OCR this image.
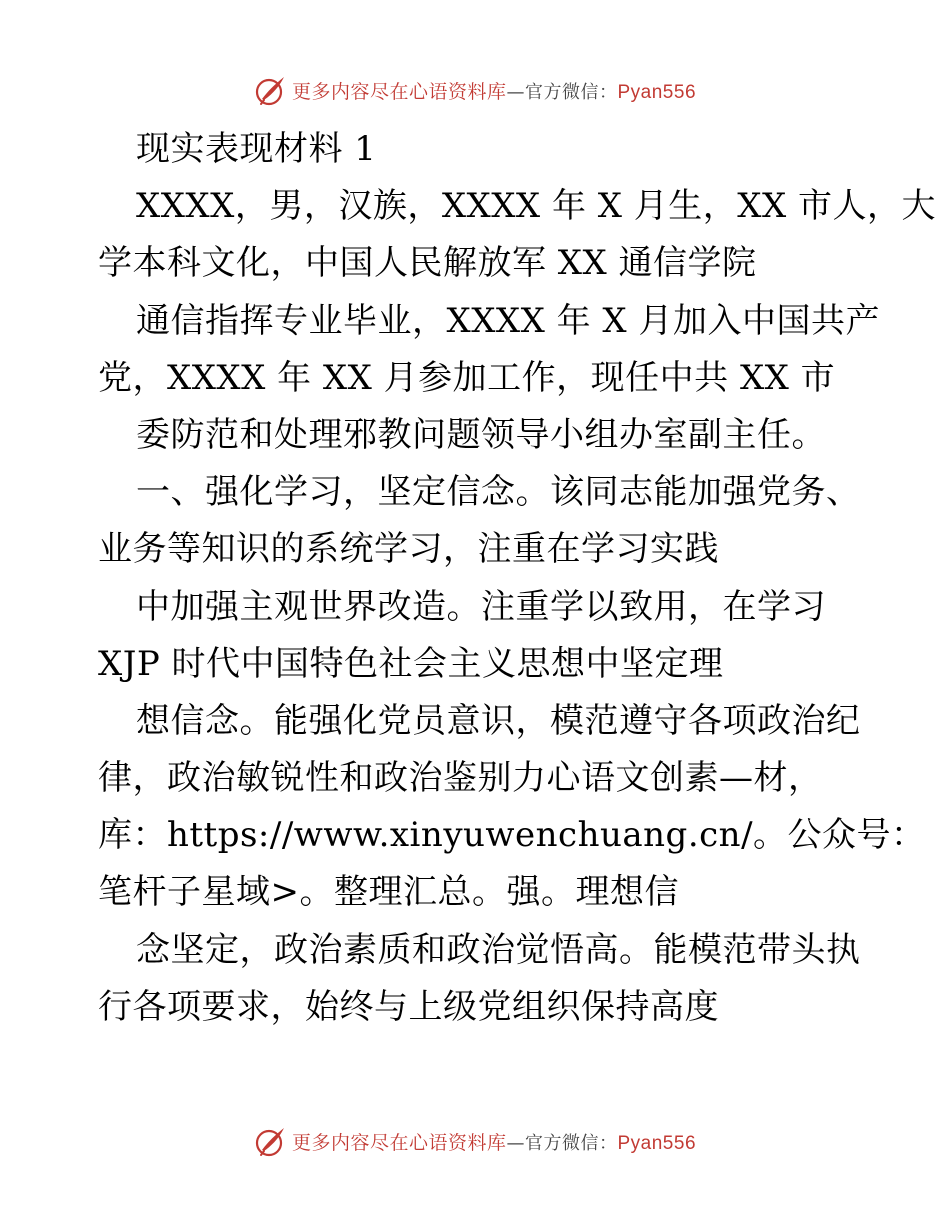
更多内容尽在心语资料库—官方微信：Pyan556
现实表现材料 1
XXXX，男，汉族，XXXX 年 X 月生，XX 市人，大
学本科文化，中国人民解放军 XX 通信学院
通信指挥专业毕业，XXXX 年 X 月加入中国共产
党，XXXX 年 XX 月参加工作，现任中共 XX 市
委防范和处理邪教问题领导小组办室副主任。
一、强化学习，坚定信念。该同志能加强党务、
业务等知识的系统学习，注重在学习实践
中加强主观世界改造。注重学以致用，在学习
XJP 时代中国特色社会主义思想中坚定理
想信念。能强化党员意识，模范遵守各项政治纪
律，政治敏锐性和政治鉴别力心语文创素—材，
库：https://www.xinyuwenchuang.cn/。公众号：
笔杆子星域>。整理汇总。强。理想信
念坚定，政治素质和政治觉悟高。能模范带头执
行各项要求，始终与上级党组织保持高度
更多内容尽在心语资料库—官方微信：Pyan556
